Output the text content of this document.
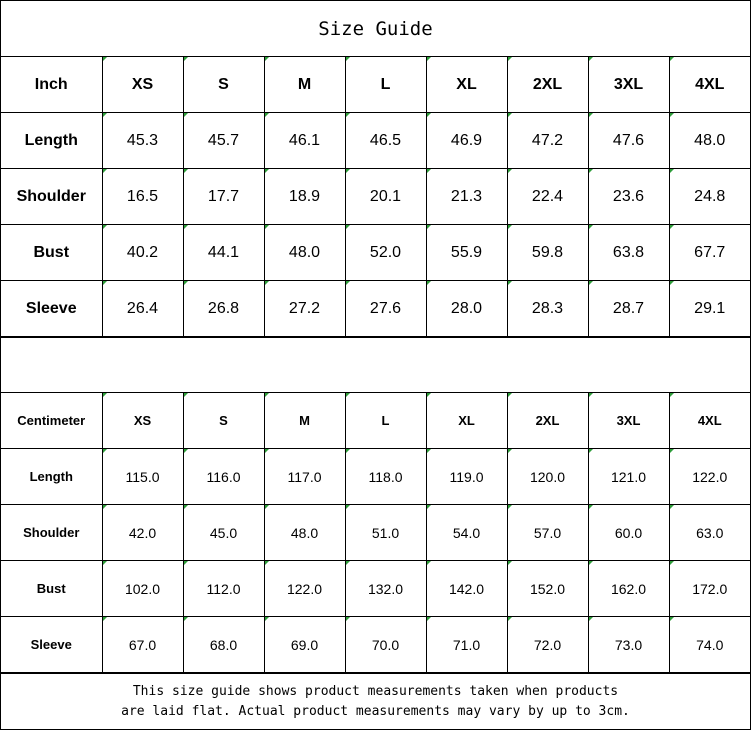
Size Guide
Inch	XS	S	M	L	XL	2XL	3XL	4XL
Length	45.3	45.7	46.1	46.5	46.9	47.2	47.6	48.0
Shoulder	16.5	17.7	18.9	20.1	21.3	22.4	23.6	24.8
Bust	40.2	44.1	48.0	52.0	55.9	59.8	63.8	67.7
Sleeve	26.4	26.8	27.2	27.6	28.0	28.3	28.7	29.1
Centimeter	XS	S	M	L	XL	2XL	3XL	4XL
Length	115.0	116.0	117.0	118.0	119.0	120.0	121.0	122.0
Shoulder	42.0	45.0	48.0	51.0	54.0	57.0	60.0	63.0
Bust	102.0	112.0	122.0	132.0	142.0	152.0	162.0	172.0
Sleeve	67.0	68.0	69.0	70.0	71.0	72.0	73.0	74.0
This size guide shows product measurements taken when products
are laid flat. Actual product measurements may vary by up to 3cm.
